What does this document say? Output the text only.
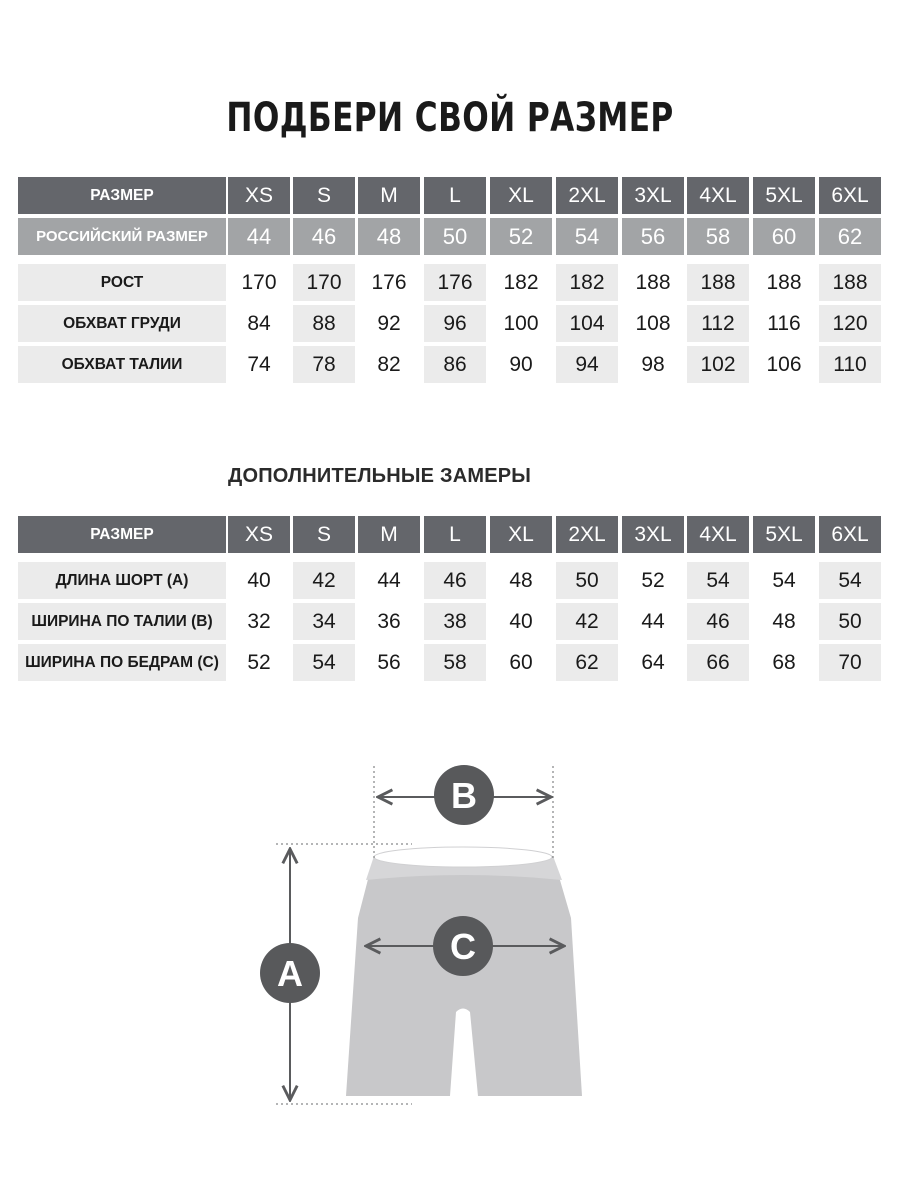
ПОДБЕРИ СВОЙ РАЗМЕР
РАЗМЕР	XS	S	M	L	XL	2XL	3XL	4XL	5XL	6XL
РОССИЙСКИЙ РАЗМЕР	44	46	48	50	52	54	56	58	60	62
РОСТ	170	170	176	176	182	182	188	188	188	188
ОБХВАТ ГРУДИ	84	88	92	96	100	104	108	112	116	120
ОБХВАТ ТАЛИИ	74	78	82	86	90	94	98	102	106	110
ДОПОЛНИТЕЛЬНЫЕ ЗАМЕРЫ
РАЗМЕР	XS	S	M	L	XL	2XL	3XL	4XL	5XL	6XL
ДЛИНА ШОРТ (А)	40	42	44	46	48	50	52	54	54	54
ШИРИНА ПО ТАЛИИ (В)	32	34	36	38	40	42	44	46	48	50
ШИРИНА ПО БЕДРАМ (С)	52	54	56	58	60	62	64	66	68	70
B
C
A
